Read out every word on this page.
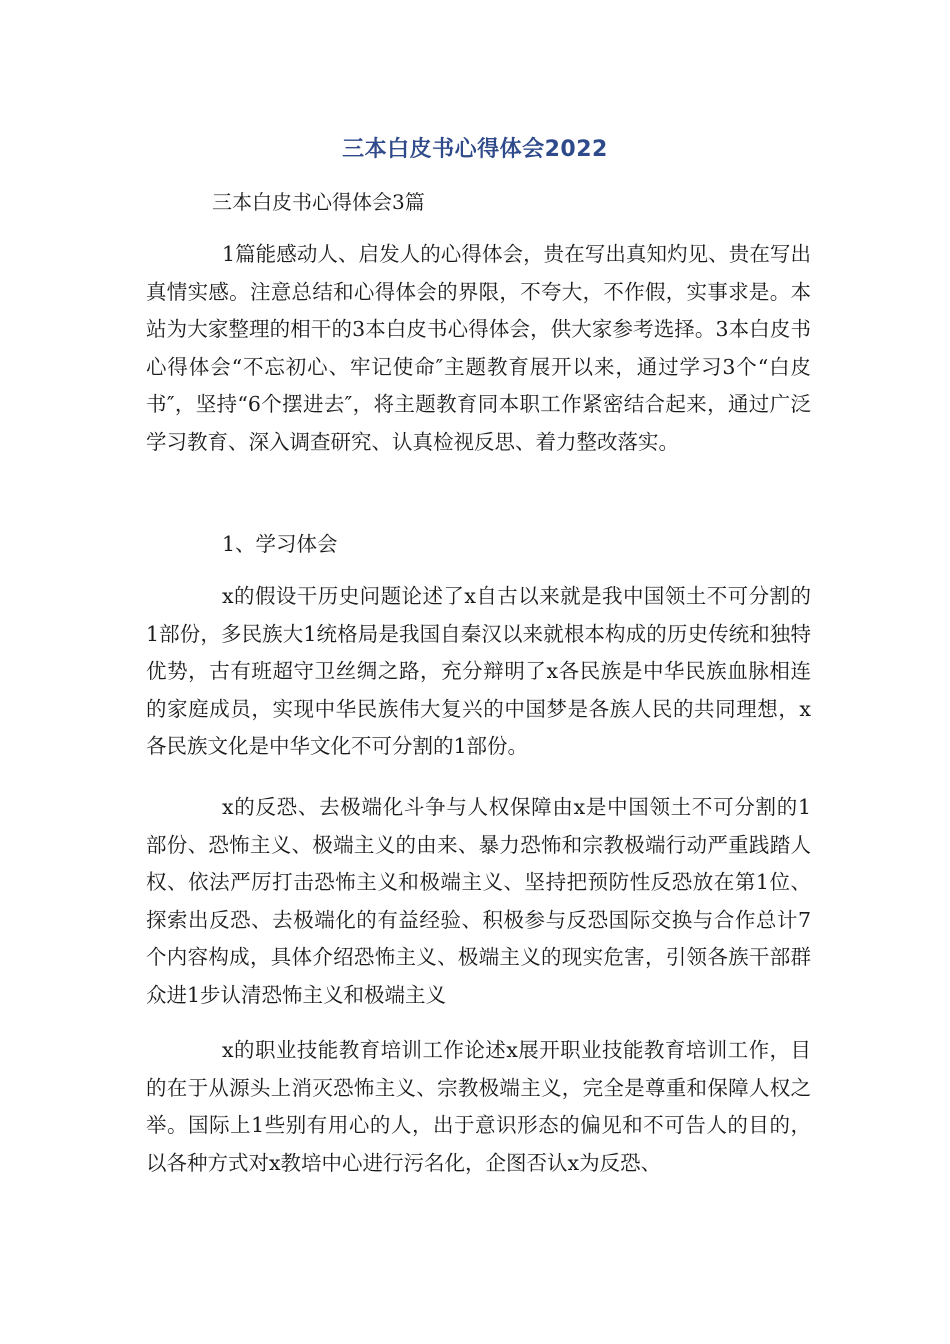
三本白皮书心得体会2022

三本白皮书心得体会3篇

1篇能感动人、启发人的心得体会，贵在写出真知灼见、贵在写出真情实感。注意总结和心得体会的界限，不夸大，不作假，实事求是。本站为大家整理的相干的3本白皮书心得体会，供大家参考选择。3本白皮书心得体会“不忘初心、牢记使命″主题教育展开以来，通过学习3个“白皮书″，坚持“6个摆进去″，将主题教育同本职工作紧密结合起来，通过广泛学习教育、深入调查研究、认真检视反思、着力整改落实。

1、学习体会

x的假设干历史问题论述了x自古以来就是我中国领土不可分割的1部份，多民族大1统格局是我国自秦汉以来就根本构成的历史传统和独特优势，古有班超守卫丝绸之路，充分辩明了x各民族是中华民族血脉相连的家庭成员，实现中华民族伟大复兴的中国梦是各族人民的共同理想，x各民族文化是中华文化不可分割的1部份。

x的反恐、去极端化斗争与人权保障由x是中国领土不可分割的1部份、恐怖主义、极端主义的由来、暴力恐怖和宗教极端行动严重践踏人权、依法严厉打击恐怖主义和极端主义、坚持把预防性反恐放在第1位、探索出反恐、去极端化的有益经验、积极参与反恐国际交换与合作总计7个内容构成，具体介绍恐怖主义、极端主义的现实危害，引领各族干部群众进1步认清恐怖主义和极端主义

x的职业技能教育培训工作论述x展开职业技能教育培训工作，目的在于从源头上消灭恐怖主义、宗教极端主义，完全是尊重和保障人权之举。国际上1些别有用心的人，出于意识形态的偏见和不可告人的目的，以各种方式对x教培中心进行污名化，企图否认x为反恐、
